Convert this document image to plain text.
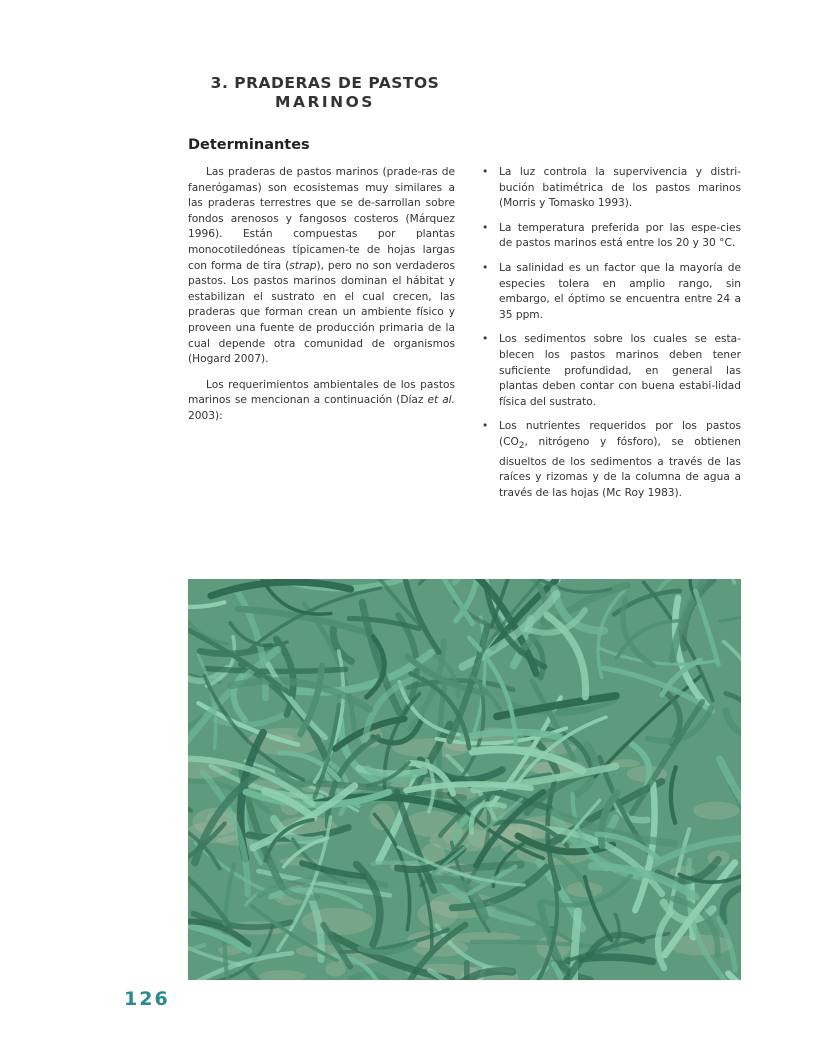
3. PRADERAS DE PASTOS
MARINOS
Determinantes

Las praderas de pastos marinos (prade-ras de fanerógamas) son ecosistemas muy similares a las praderas terrestres que se de-sarrollan sobre fondos arenosos y fangosos costeros (Márquez 1996). Están compuestas por plantas monocotiledóneas típicamen-te de hojas largas con forma de tira (strap), pero no son verdaderos pastos. Los pastos marinos dominan el hábitat y estabilizan el sustrato en el cual crecen, las praderas que forman crean un ambiente físico y proveen una fuente de producción primaria de la cual depende otra comunidad de organismos (Hogard 2007).

Los requerimientos ambientales de los pastos marinos se mencionan a continuación (Díaz et al. 2003):

• La luz controla la supervivencia y distri-bución batimétrica de los pastos marinos (Morris y Tomasko 1993).
• La temperatura preferida por las espe-cies de pastos marinos está entre los 20 y 30 °C.
• La salinidad es un factor que la mayoría de especies tolera en amplio rango, sin embargo, el óptimo se encuentra entre 24 a 35 ppm.
• Los sedimentos sobre los cuales se esta-blecen los pastos marinos deben tener suficiente profundidad, en general las plantas deben contar con buena estabi-lidad física del sustrato.
• Los nutrientes requeridos por los pastos ($CO_2$, nitrógeno y fósforo), se obtienen disueltos de los sedimentos a través de las raíces y rizomas y de la columna de agua a través de las hojas (Mc Roy 1983).
126
